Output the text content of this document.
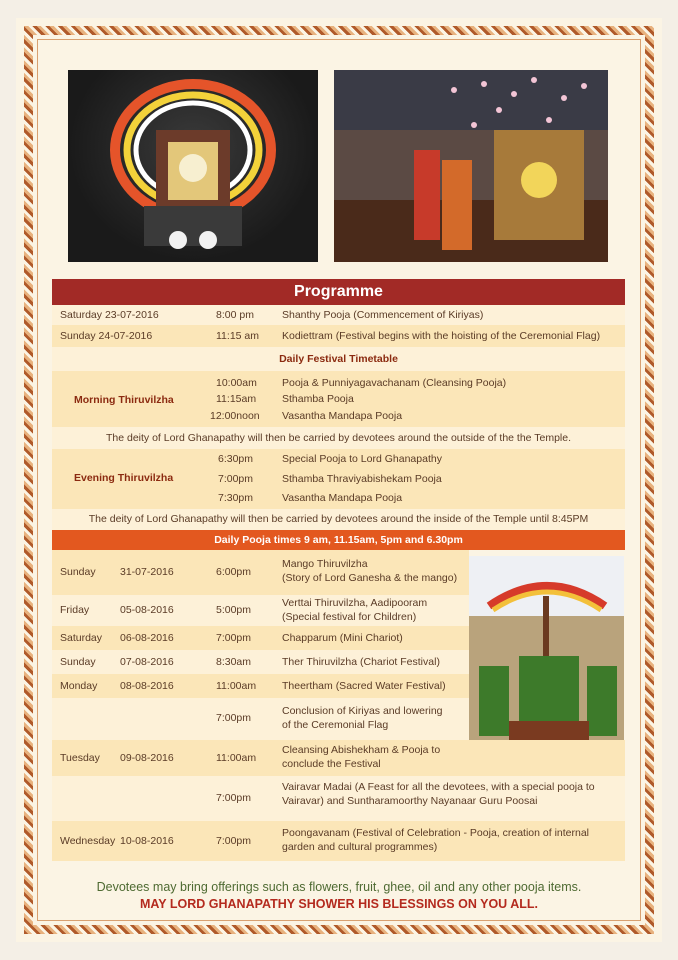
Programme
Saturday 23-07-2016	8:00 pm	Shanthy Pooja (Commencement of Kiriyas)
Sunday 24-07-2016	11:15 am Kodiettram (Festival begins with the hoisting of the Ceremonial Flag)
Daily Festival Timetable
Morning Thiruvilzha
10:00am Pooja & Punniyagavachanam (Cleansing Pooja)
11:15am Sthamba Pooja
12:00noon Vasantha Mandapa Pooja
The deity of Lord Ghanapathy will then be carried by devotees around the outside of the the Temple.
Evening Thiruvilzha
6:30pm	Special Pooja to Lord Ghanapathy
7:00pm	Sthamba Thraviyabishekam Pooja
7:30pm	Vasantha Mandapa Pooja
The deity of Lord Ghanapathy will then be carried by devotees around the inside of the Temple until 8:45PM
Daily Pooja times 9 am, 11.15am, 5pm and 6.30pm
Sunday 31-07-2016	6:00pm
Mango Thiruvilzha
(Story of Lord Ganesha & the mango)
Friday	05-08-2016	5:00pm
Verttai Thiruvilzha, Aadipooram
(Special festival for Children)
Saturday 06-08-2016	7:00pm	Chapparum (Mini Chariot)
Sunday 07-08-2016	8:30am	Ther Thiruvilzha (Chariot Festival)
Monday 08-08-2016	11:00am Theertham (Sacred Water Festival)
7:00pm
Conclusion of Kiriyas and lowering
of the Ceremonial Flag
Tuesday 09-08-2016	11:00am
Cleansing Abishekham & Pooja to
conclude the Festival
7:00pm
Vairavar Madai (A Feast for all the devotees, with a special pooja to
Vairavar) and Suntharamoorthy Nayanaar Guru Poosai
Wednesday 10-08-2016	7:00pm
Poongavanam (Festival of Celebration - Pooja, creation of internal
garden and cultural programmes)
Devotees may bring offerings such as flowers, fruit, ghee, oil and any other pooja items.
MAY LORD GHANAPATHY SHOWER HIS BLESSINGS ON YOU ALL.
